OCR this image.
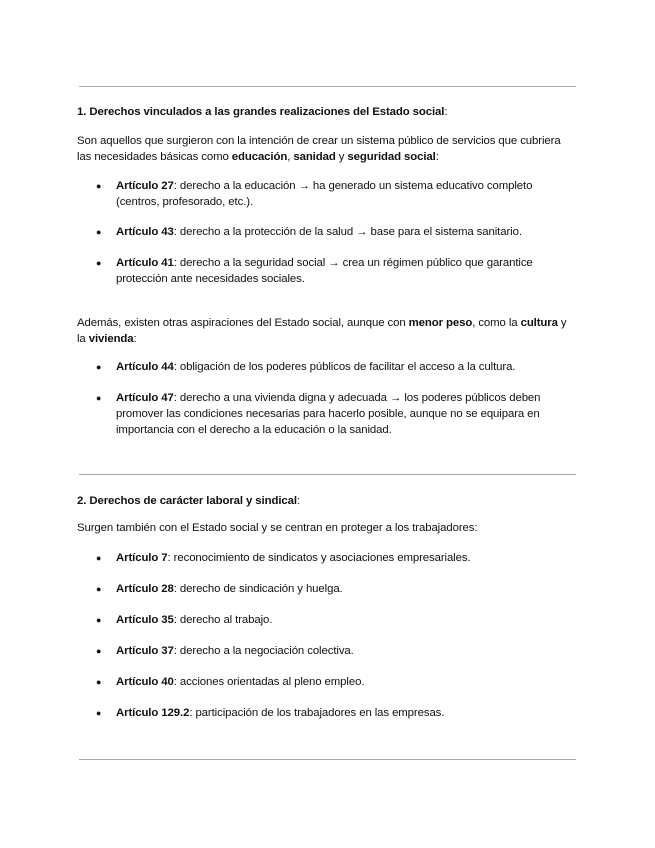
1. Derechos vinculados a las grandes realizaciones del Estado social:

Son aquellos que surgieron con la intención de crear un sistema público de servicios que cubriera las necesidades básicas como educación, sanidad y seguridad social:

● Artículo 27: derecho a la educación → ha generado un sistema educativo completo (centros, profesorado, etc.).
● Artículo 43: derecho a la protección de la salud → base para el sistema sanitario.
● Artículo 41: derecho a la seguridad social → crea un régimen público que garantice protección ante necesidades sociales.

Además, existen otras aspiraciones del Estado social, aunque con menor peso, como la cultura y la vivienda:

● Artículo 44: obligación de los poderes públicos de facilitar el acceso a la cultura.
● Artículo 47: derecho a una vivienda digna y adecuada → los poderes públicos deben promover las condiciones necesarias para hacerlo posible, aunque no se equipara en importancia con el derecho a la educación o la sanidad.

2. Derechos de carácter laboral y sindical:

Surgen también con el Estado social y se centran en proteger a los trabajadores:

● Artículo 7: reconocimiento de sindicatos y asociaciones empresariales.
● Artículo 28: derecho de sindicación y huelga.
● Artículo 35: derecho al trabajo.
● Artículo 37: derecho a la negociación colectiva.
● Artículo 40: acciones orientadas al pleno empleo.
● Artículo 129.2: participación de los trabajadores en las empresas.
